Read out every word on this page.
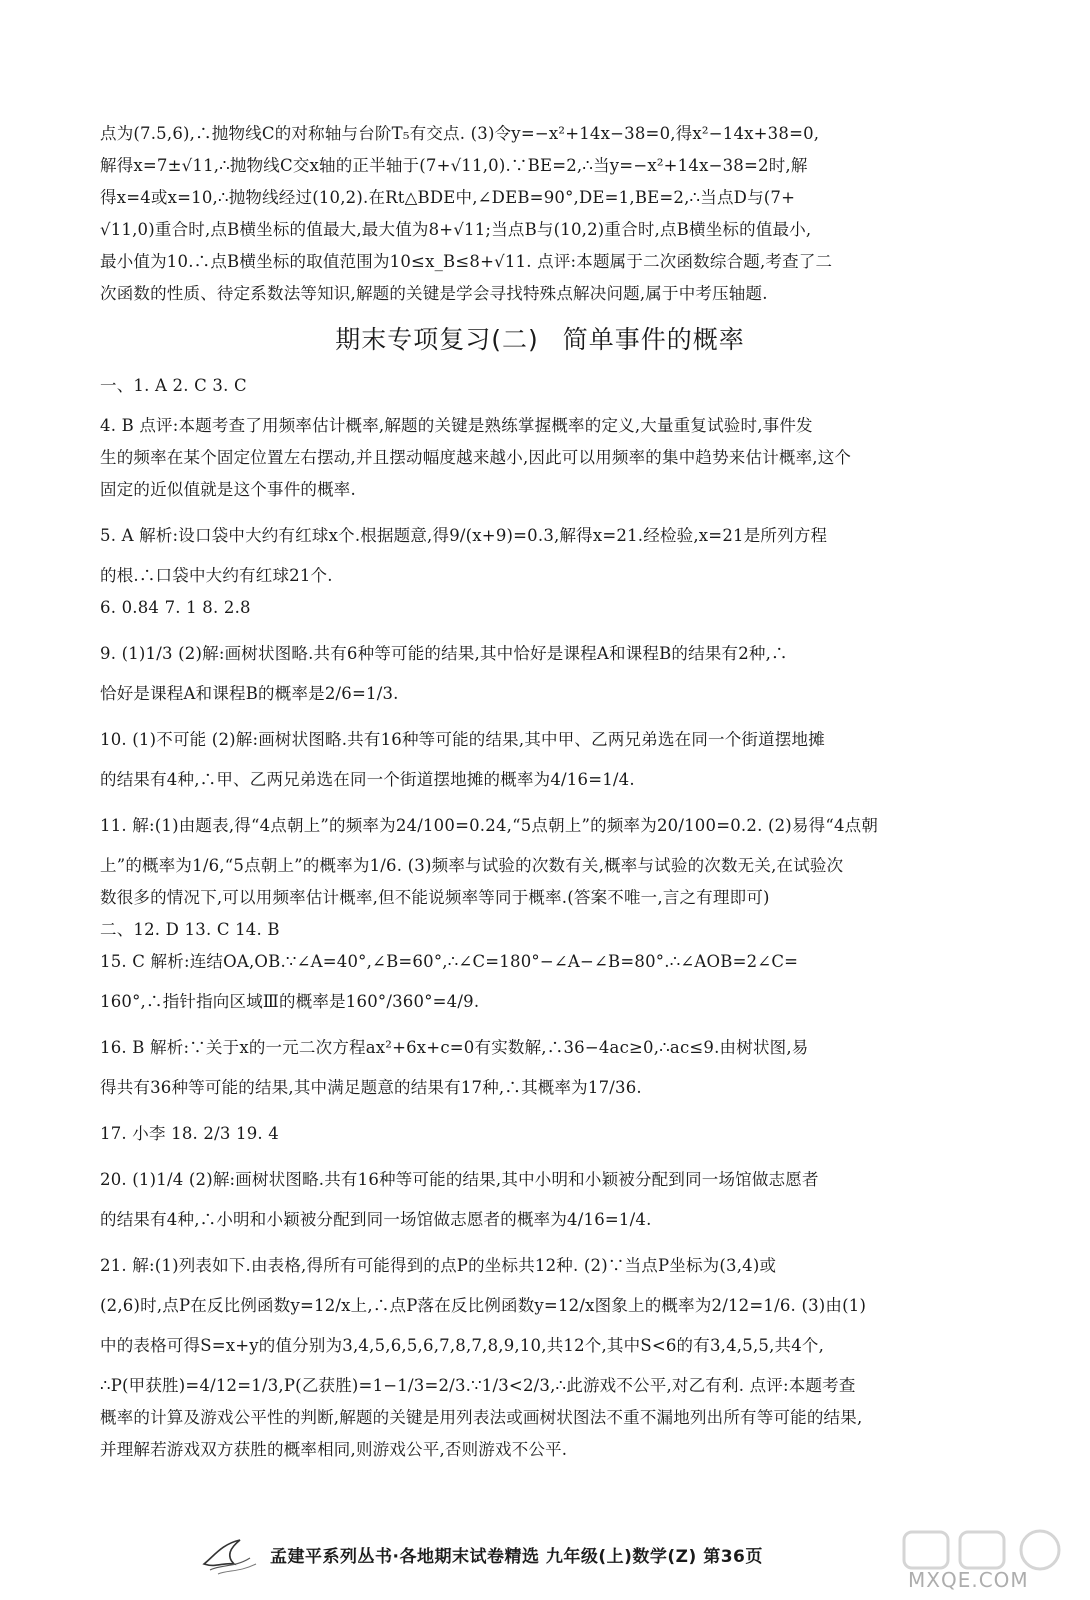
点为(7.5,6),∴抛物线C的对称轴与台阶T₅有交点. (3)令y=−x²+14x−38=0,得x²−14x+38=0,

解得x=7±√11,∴抛物线C交x轴的正半轴于(7+√11,0).∵BE=2,∴当y=−x²+14x−38=2时,解

得x=4或x=10,∴抛物线经过(10,2).在Rt△BDE中,∠DEB=90°,DE=1,BE=2,∴当点D与(7+

√11,0)重合时,点B横坐标的值最大,最大值为8+√11;当点B与(10,2)重合时,点B横坐标的值最小,

最小值为10.∴点B横坐标的取值范围为10≤x_B≤8+√11. 点评:本题属于二次函数综合题,考查了二

次函数的性质、待定系数法等知识,解题的关键是学会寻找特殊点解决问题,属于中考压轴题.

期末专项复习(二) 简单事件的概率

一、1. A 2. C 3. C

4. B 点评:本题考查了用频率估计概率,解题的关键是熟练掌握概率的定义,大量重复试验时,事件发

生的频率在某个固定位置左右摆动,并且摆动幅度越来越小,因此可以用频率的集中趋势来估计概率,这个

固定的近似值就是这个事件的概率.

5. A 解析:设口袋中大约有红球x个.根据题意,得9/(x+9)=0.3,解得x=21.经检验,x=21是所列方程

的根.∴口袋中大约有红球21个.

6. 0.84 7. 1 8. 2.8

9. (1)1/3 (2)解:画树状图略.共有6种等可能的结果,其中恰好是课程A和课程B的结果有2种,∴

恰好是课程A和课程B的概率是2/6=1/3.

10. (1)不可能 (2)解:画树状图略.共有16种等可能的结果,其中甲、乙两兄弟选在同一个街道摆地摊

的结果有4种,∴甲、乙两兄弟选在同一个街道摆地摊的概率为4/16=1/4.

11. 解:(1)由题表,得“4点朝上”的频率为24/100=0.24,“5点朝上”的频率为20/100=0.2. (2)易得“4点朝

上”的概率为1/6,“5点朝上”的概率为1/6. (3)频率与试验的次数有关,概率与试验的次数无关,在试验次

数很多的情况下,可以用频率估计概率,但不能说频率等同于概率.(答案不唯一,言之有理即可)

二、12. D 13. C 14. B

15. C 解析:连结OA,OB.∵∠A=40°,∠B=60°,∴∠C=180°−∠A−∠B=80°.∴∠AOB=2∠C=

160°,∴指针指向区域Ⅲ的概率是160°/360°=4/9.

16. B 解析:∵关于x的一元二次方程ax²+6x+c=0有实数解,∴36−4ac≥0,∴ac≤9.由树状图,易

得共有36种等可能的结果,其中满足题意的结果有17种,∴其概率为17/36.

17. 小李 18. 2/3 19. 4

20. (1)1/4 (2)解:画树状图略.共有16种等可能的结果,其中小明和小颖被分配到同一场馆做志愿者

的结果有4种,∴小明和小颖被分配到同一场馆做志愿者的概率为4/16=1/4.

21. 解:(1)列表如下.由表格,得所有可能得到的点P的坐标共12种. (2)∵当点P坐标为(3,4)或

(2,6)时,点P在反比例函数y=12/x上,∴点P落在反比例函数y=12/x图象上的概率为2/12=1/6. (3)由(1)

中的表格可得S=x+y的值分别为3,4,5,6,5,6,7,8,7,8,9,10,共12个,其中S<6的有3,4,5,5,共4个,

∴P(甲获胜)=4/12=1/3,P(乙获胜)=1−1/3=2/3.∵1/3<2/3,∴此游戏不公平,对乙有利. 点评:本题考查

概率的计算及游戏公平性的判断,解题的关键是用列表法或画树状图法不重不漏地列出所有等可能的结果,

并理解若游戏双方获胜的概率相同,则游戏公平,否则游戏不公平.

孟建平系列丛书·各地期末试卷精选 九年级(上)数学(Z) 第36页
MXQE.COM
